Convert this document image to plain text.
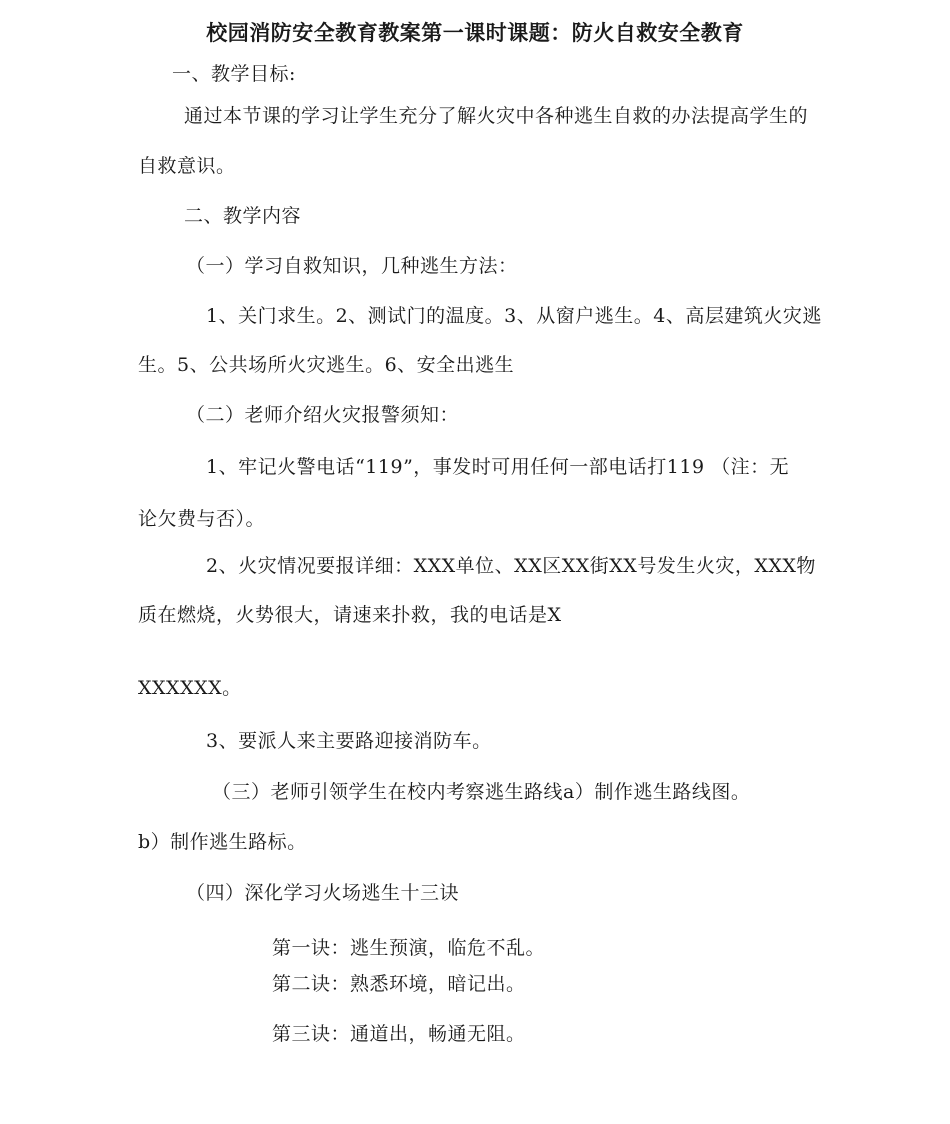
校园消防安全教育教案第一课时课题：防火自救安全教育
一、教学目标:
通过本节课的学习让学生充分了解火灾中各种逃生自救的办法提高学生的
自救意识。
二、教学内容
（一）学习自救知识，几种逃生方法：
1、关门求生。2、测试门的温度。3、从窗户逃生。4、高层建筑火灾逃
生。5、公共场所火灾逃生。6、安全出逃生
（二）老师介绍火灾报警须知：
1、牢记火警电话“119”，事发时可用任何一部电话打119 （注：无
论欠费与否）。
2、火灾情况要报详细：XXX单位、XX区XX街XX号发生火灾，XXX物
质在燃烧，火势很大，请速来扑救，我的电话是X
XXXXXX。
3、要派人来主要路迎接消防车。
（三）老师引领学生在校内考察逃生路线a）制作逃生路线图。
b）制作逃生路标。
（四）深化学习火场逃生十三诀
第一诀：逃生预演，临危不乱。
第二诀：熟悉环境，暗记出。
第三诀：通道出，畅通无阻。
